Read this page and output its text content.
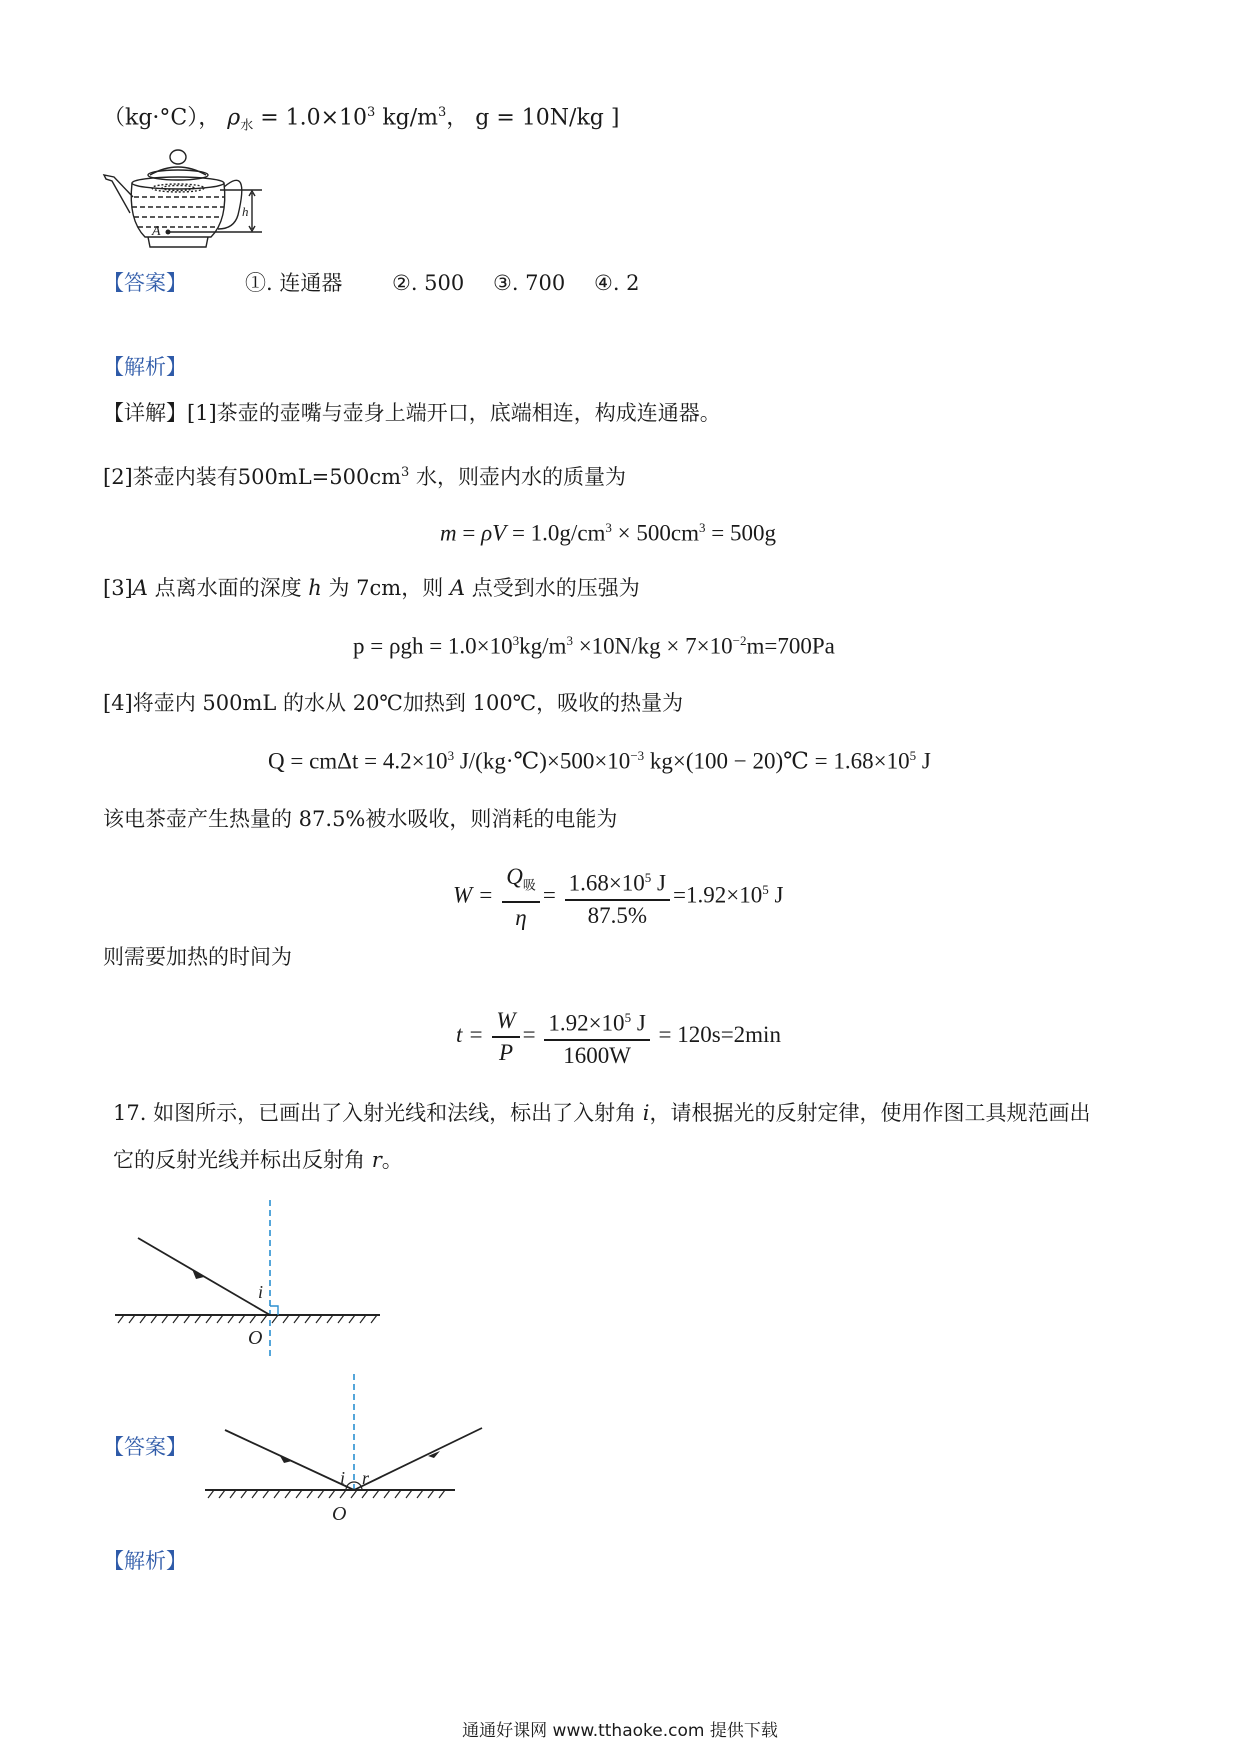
（kg·°C）， $\rho_水 = 1.0\times 10^3$ $kg/m^3$， g = 10N/kg ]
A
h
【答案】	①. 连通器 ②. 500 ③. 700 ④. 2
【解析】
【详解】[1]茶壶的壶嘴与壶身上端开口，底端相连，构成连通器。
[2]茶壶内装有$500mL=500cm^3$ 水，则壶内水的质量为
$m = \rho V = 1.0g/cm^3 \times 500cm^3 = 500g$
[3]A 点离水面的深度 h 为 7cm，则 A 点受到水的压强为
$p = \rho gh = 1.0\times 10^3kg/m^3 \times 10N/kg \times 7\times 10^{-2}m=700Pa$
[4]将壶内 500mL 的水从 20℃加热到 100℃，吸收的热量为
$Q = cm\Delta t = 4.2\times 10^3$ $J/(kg\cdot℃)\times 500\times 10^{-3}$ kg×(100 − 20)℃ = $1.68\times 10^5$ J
该电茶壶产生热量的 87.5%被水吸收，则消耗的电能为
$W = \frac{Q_吸}{\eta} = \frac{1.68\times 10^5 J}{87.5\%} =1.92\times 10^5$ J
则需要加热的时间为
$t = \frac{W}{P} = \frac{1.92\times 10^5 J}{1600W} = 120s=2\min$
17. 如图所示，已画出了入射光线和法线，标出了入射角 i，请根据光的反射定律，使用作图工具规范画出
它的反射光线并标出反射角 r。
i
O
【答案】
i r
O
【解析】
通通好课网 www.tthaoke.com 提供下载
